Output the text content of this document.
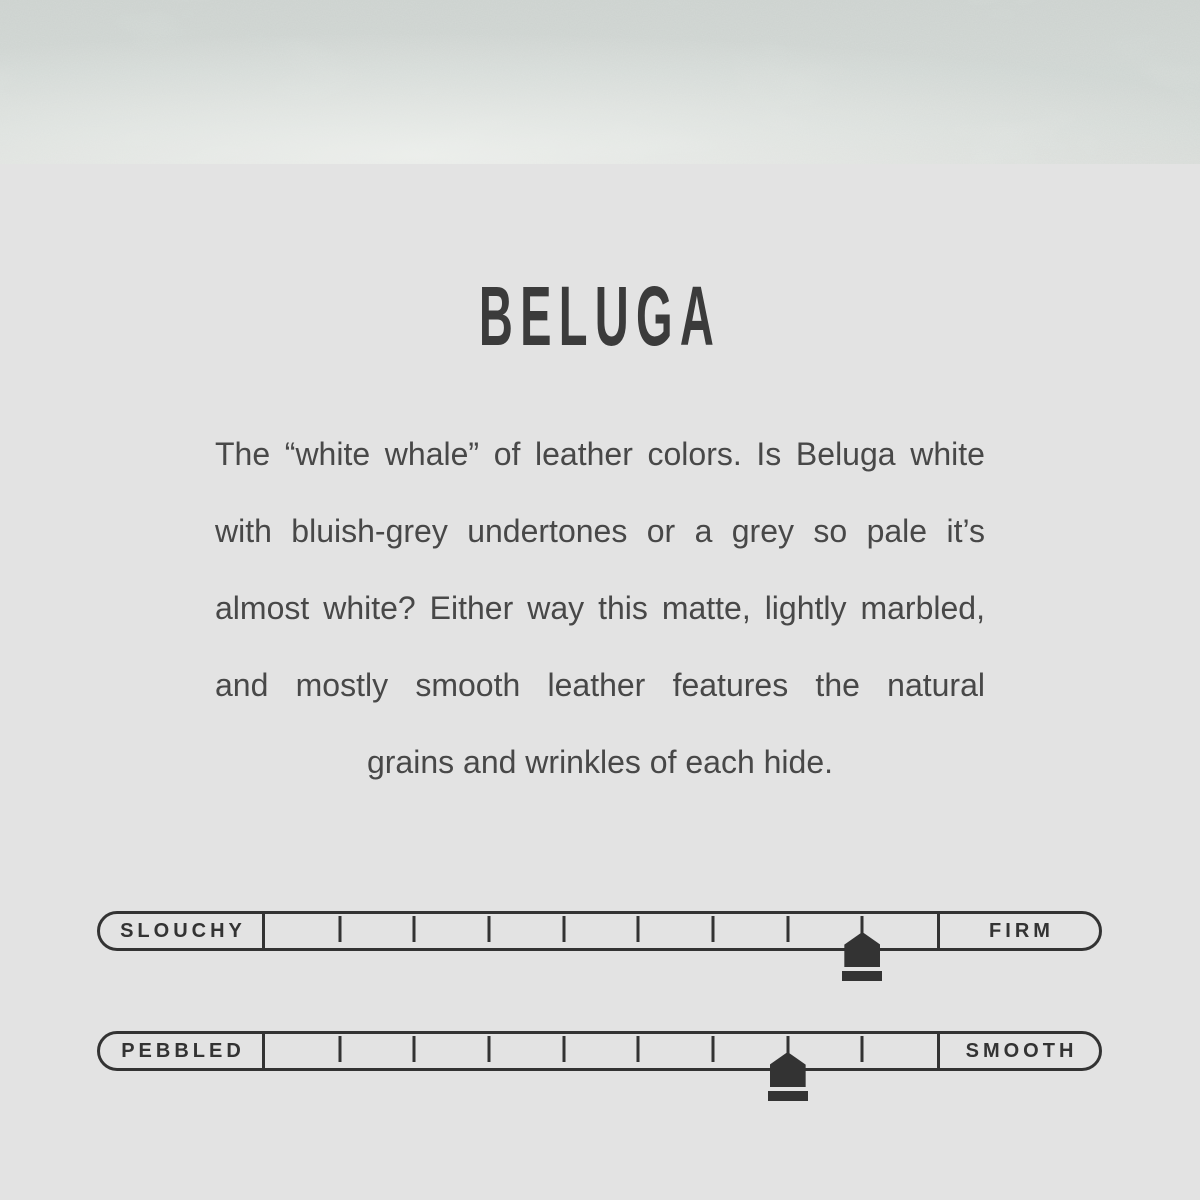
BELUGA
The “white whale” of leather colors. Is Beluga white
with bluish-grey undertones or a grey so pale it’s
almost white? Either way this matte, lightly marbled,
and mostly smooth leather features the natural
grains and wrinkles of each hide.
SLOUCHY	FIRM
PEBBLED	SMOOTH
